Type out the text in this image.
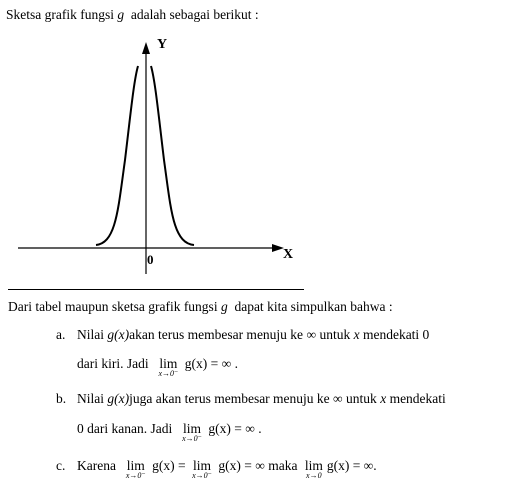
Sketsa grafik fungsi g adalah sebagai berikut :
Y
X
0
Dari tabel maupun sketsa grafik fungsi g dapat kita simpulkan bahwa :
a. Nilai g(x)akan terus membesar menuju ke ∞ untuk x mendekati 0
dari kiri. Jadi lim
x→0⁻
g(x) = ∞ .
b. Nilai g(x)juga akan terus membesar menuju ke ∞ untuk x mendekati
0 dari kanan. Jadi lim
x→0⁻
g(x) = ∞ .
c. Karena lim
x→0⁻
g(x) = lim
x→0⁻
g(x) = ∞ maka lim
x→0
g(x) = ∞.
